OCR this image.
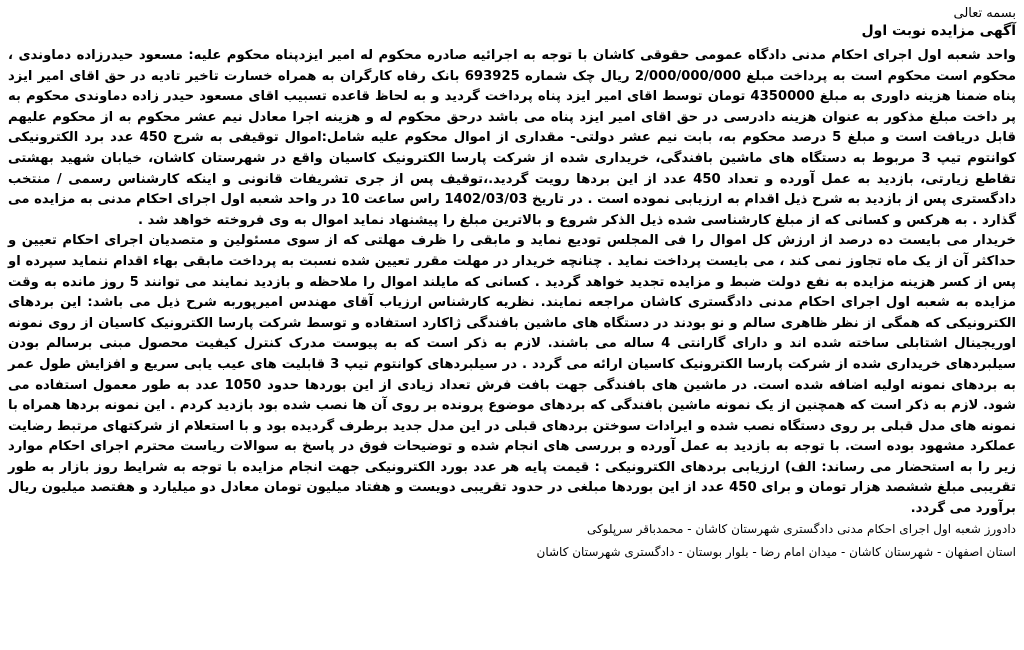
بسمه تعالی
آگهی مزایده نوبت اول

واحد شعبه اول اجرای احکام مدنی دادگاه عمومی حقوقی کاشان با توجه به اجرائیه صادره محکوم له امیر ایزدپناه محکوم علیه: مسعود حیدرزاده دماوندی ، محکوم است محکوم است به پرداخت مبلغ 2/000/000/000 ریال چک شماره 693925 بانک رفاه کارگران به همراه خسارت تاخیر تادیه در حق اقای امیر ایزد پناه ضمنا هزینه داوری به مبلغ 4350000 تومان توسط اقای امیر ایزد پناه پرداخت گردید و به لحاظ قاعده تسبیب اقای مسعود حیدر زاده دماوندی محکوم به پر داخت مبلغ مذکور به عنوان هزینه دادرسی در حق اقای امیر ایزد پناه می باشد درحق محکوم له و هزینه اجرا معادل نیم عشر محکوم به از محکوم علیهم قابل دریافت است و مبلغ 5 درصد محکوم به، بابت نیم عشر دولتی- مقداری از اموال محکوم علیه شامل:اموال توقیفی به شرح 450 عدد برد الکترونیکی کوانتوم تیپ 3 مربوط به دستگاه های ماشین بافندگی، خریداری شده از شرکت پارسا الکترونیک کاسیان واقع در شهرستان کاشان، خیابان شهید بهشتی تقاطع زیارتی، بازدید به عمل آورده و تعداد 450 عدد از این بردها رویت گردید.،توقیف پس از جری تشریفات قانونی و اینکه کارشناس رسمی / منتخب دادگستری پس از بازدید به شرح ذیل اقدام به ارزیابی نموده است . در تاریخ 1402/03/03 راس ساعت 10 در واحد شعبه اول اجرای احکام مدنی به مزایده می گذارد . به هرکس و کسانی که از مبلغ کارشناسی شده ذیل الذکر شروع و بالاترین مبلغ را پیشنهاد نماید اموال به وی فروخته خواهد شد .

خریدار می بایست ده درصد از ارزش کل اموال را فی المجلس تودیع نماید و مابقی را ظرف مهلتی که از سوی مسئولین و متصدیان اجرای احکام تعیین و حداکثر آن از یک ماه تجاوز نمی کند ، می بایست پرداخت نماید . چنانچه خریدار در مهلت مقرر تعیین شده نسبت به پرداخت مابقی بهاء اقدام ننماید سپرده او پس از کسر هزینه مزایده به نفع دولت ضبط و مزایده تجدید خواهد گردید . کسانی که مایلند اموال را ملاحظه و بازدید نمایند می توانند 5 روز مانده به وقت مزایده به شعبه اول اجرای احکام مدنی دادگستری کاشان مراجعه نمایند. نظریه کارشناس ارزیاب آقای مهندس امیرپوربه شرح ذیل می باشد: این بردهای الکترونیکی که همگی از نظر ظاهری سالم و نو بودند در دستگاه های ماشین بافندگی ژاکارد استفاده و توسط شرکت پارسا الکترونیک کاسیان از روی نمونه اوریجینال اشتابلی ساخته شده اند و دارای گارانتی 4 ساله می باشند. لازم به ذکر است که به پیوست مدرک کنترل کیفیت محصول مبنی برسالم بودن سیلبردهای خریداری شده از شرکت پارسا الکترونیک کاسیان ارائه می گردد . در سیلبردهای کوانتوم تیپ 3 قابلیت های عیب یابی سریع و افزایش طول عمر به بردهای نمونه اولیه اضافه شده است. در ماشین های بافندگی جهت بافت فرش تعداد زیادی از این بوردها حدود 1050 عدد به طور معمول استفاده می شود. لازم به ذکر است که همچنین از یک نمونه ماشین بافندگی که بردهای موضوع پرونده بر روی آن ها نصب شده بود بازدید کردم . این نمونه بردها همراه با نمونه های مدل قبلی بر روی دستگاه نصب شده و ایرادات سوختن بردهای قبلی در این مدل جدید برطرف گردیده بود و با استعلام از شرکتهای مرتبط رضایت عملکرد مشهود بوده است. با توجه به بازدید به عمل آورده و بررسی های انجام شده و توضیحات فوق در پاسخ به سوالات ریاست محترم اجرای احکام موارد زیر را به استحضار می رساند: الف) ارزیابی بردهای الکترونیکی : قیمت پایه هر عدد بورد الکترونیکی جهت انجام مزایده با توجه به شرایط روز بازار به طور تقریبی مبلغ ششصد هزار تومان و برای 450 عدد از این بوردها مبلغی در حدود تقریبی دویست و هفتاد میلیون تومان معادل دو میلیارد و هفتصد میلیون ریال برآورد می گردد.

دادورز شعبه اول اجرای احکام مدنی دادگستری شهرستان کاشان - محمدباقر سرپلوکی
استان اصفهان - شهرستان کاشان - میدان امام رضا - بلوار بوستان - دادگستری شهرستان کاشان
